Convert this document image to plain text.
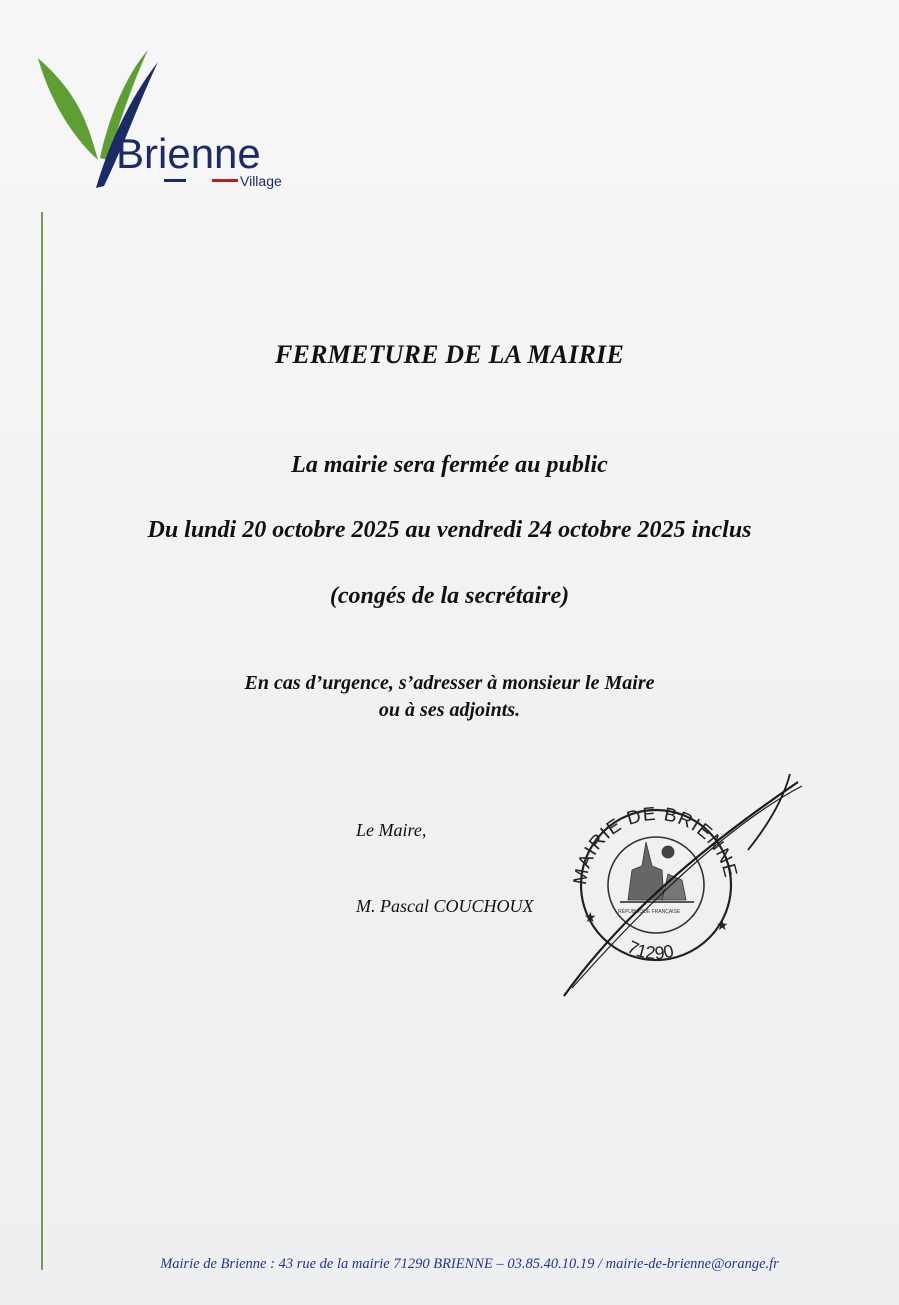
Brienne
Village
FERMETURE DE LA MAIRIE
La mairie sera fermée au public
Du lundi 20 octobre 2025 au vendredi 24 octobre 2025 inclus
(congés de la secrétaire)
En cas d’urgence, s’adresser à monsieur le Maire
ou à ses adjoints.
Le Maire,
M. Pascal COUCHOUX
MAIRIE DE BRIENNE
71290
★
★
RÉPUBLIQUE FRANÇAISE
Mairie de Brienne : 43 rue de la mairie 71290 BRIENNE – 03.85.40.10.19 / mairie-de-brienne@orange.fr
